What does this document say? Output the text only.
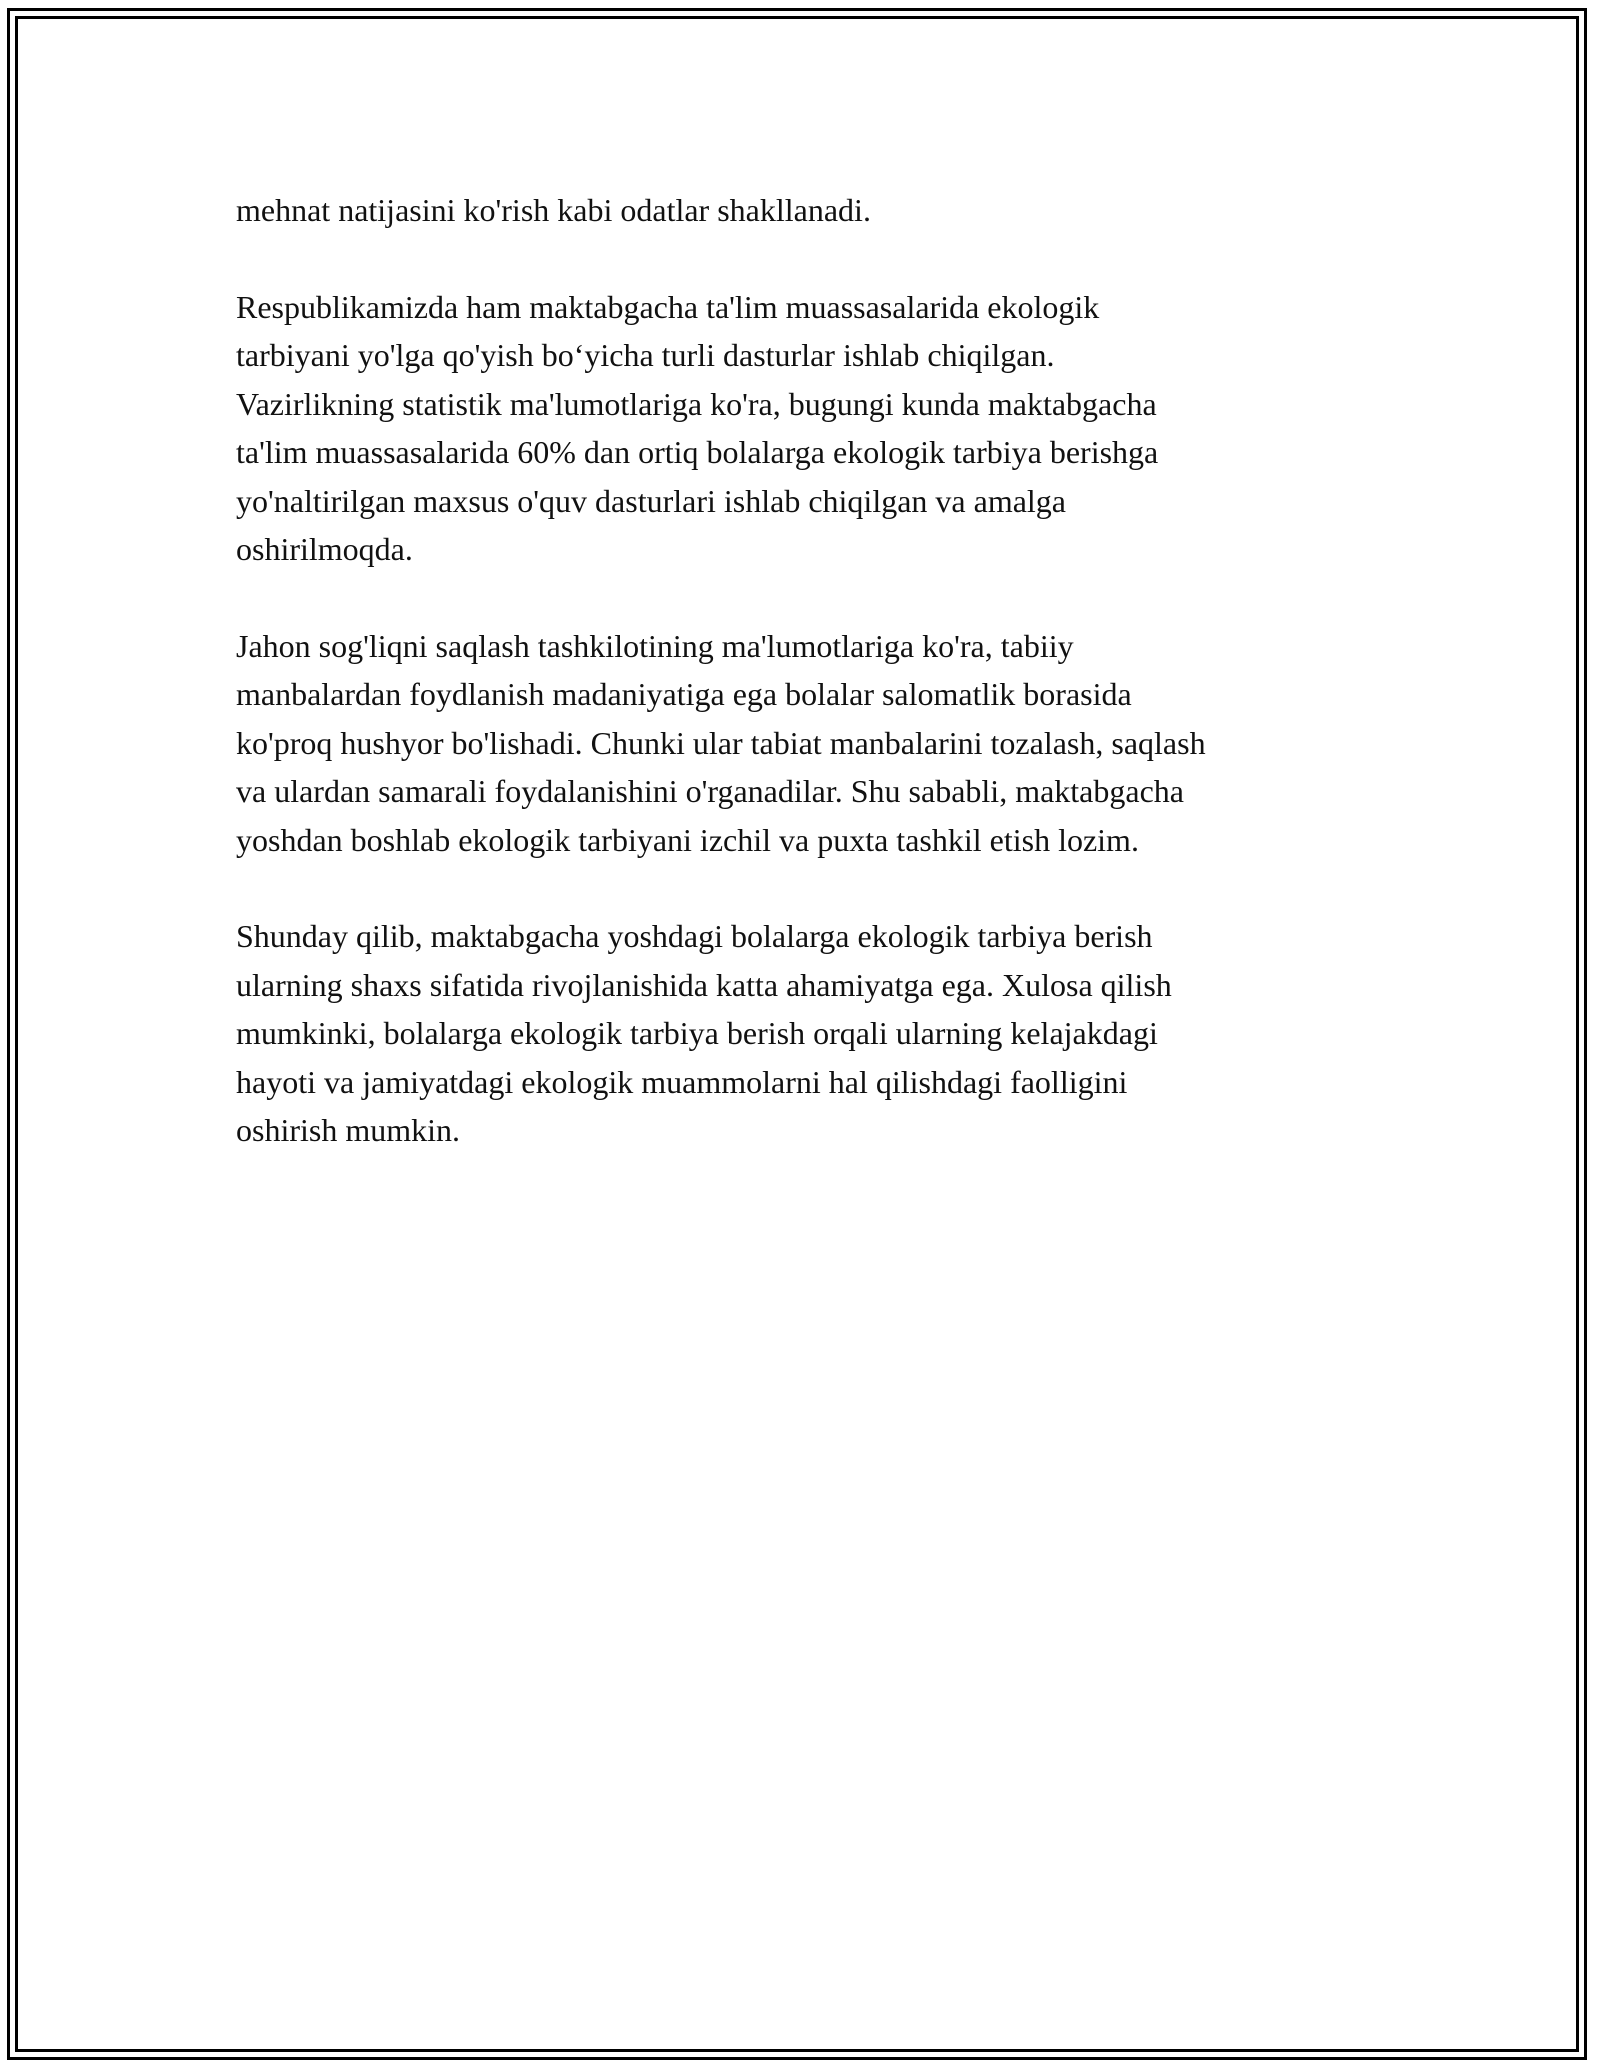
mehnat natijasini ko'rish kabi odatlar shakllanadi.

Respublikamizda ham maktabgacha ta'lim muassasalarida ekologik
tarbiyani yo'lga qo'yish bo‘yicha turli dasturlar ishlab chiqilgan.
Vazirlikning statistik ma'lumotlariga ko'ra, bugungi kunda maktabgacha
ta'lim muassasalarida 60% dan ortiq bolalarga ekologik tarbiya berishga
yo'naltirilgan maxsus o'quv dasturlari ishlab chiqilgan va amalga
oshirilmoqda.

Jahon sog'liqni saqlash tashkilotining ma'lumotlariga ko'ra, tabiiy
manbalardan foydlanish madaniyatiga ega bolalar salomatlik borasida
ko'proq hushyor bo'lishadi. Chunki ular tabiat manbalarini tozalash, saqlash
va ulardan samarali foydalanishini o'rganadilar. Shu sababli, maktabgacha
yoshdan boshlab ekologik tarbiyani izchil va puxta tashkil etish lozim.

Shunday qilib, maktabgacha yoshdagi bolalarga ekologik tarbiya berish
ularning shaxs sifatida rivojlanishida katta ahamiyatga ega. Xulosa qilish
mumkinki, bolalarga ekologik tarbiya berish orqali ularning kelajakdagi
hayoti va jamiyatdagi ekologik muammolarni hal qilishdagi faolligini
oshirish mumkin.
